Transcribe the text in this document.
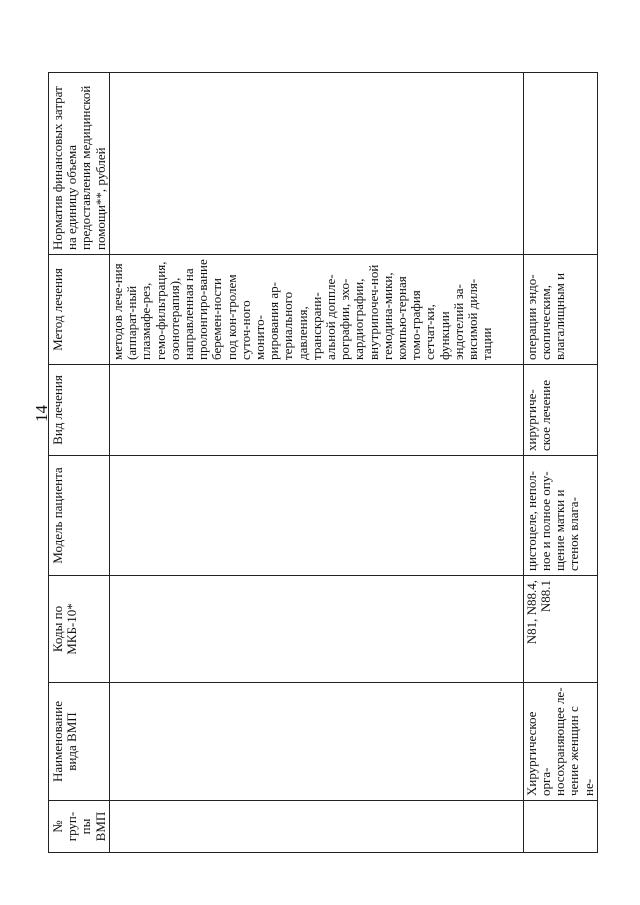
14
№ груп-пы ВМП	Наименование вида ВМП	Коды по МКБ-10*	Модель пациента	Вид лечения	Метод лечения	Норматив финансовых затрат на единицу объема предоставления медицинской помощи**, рублей
					методов лече-ния (аппарат-ный плазмафе-рез, гемо-фильтрация, озонотерапия), направленная на пролонгиро-вание беремен-ности под кон-тролем суточ-ного монито-рирования ар-териального давления, транскрани-альной доппле-рографии, эхо-кардиографии, внутрипочеч-ной гемодина-мики, компью-терная томо-графия сетчат-ки, функции эндотелий за-висимой диля-тации	
	Хирургическое орга-носохраняющее ле-чение женщин с не-	N81, N88.4, N88.1	цистоцеле, непол-ное и полное опу-щение матки и стенок влага-	хирургиче-ское лечение	операции эндо-скопическим, влагалищным и	
